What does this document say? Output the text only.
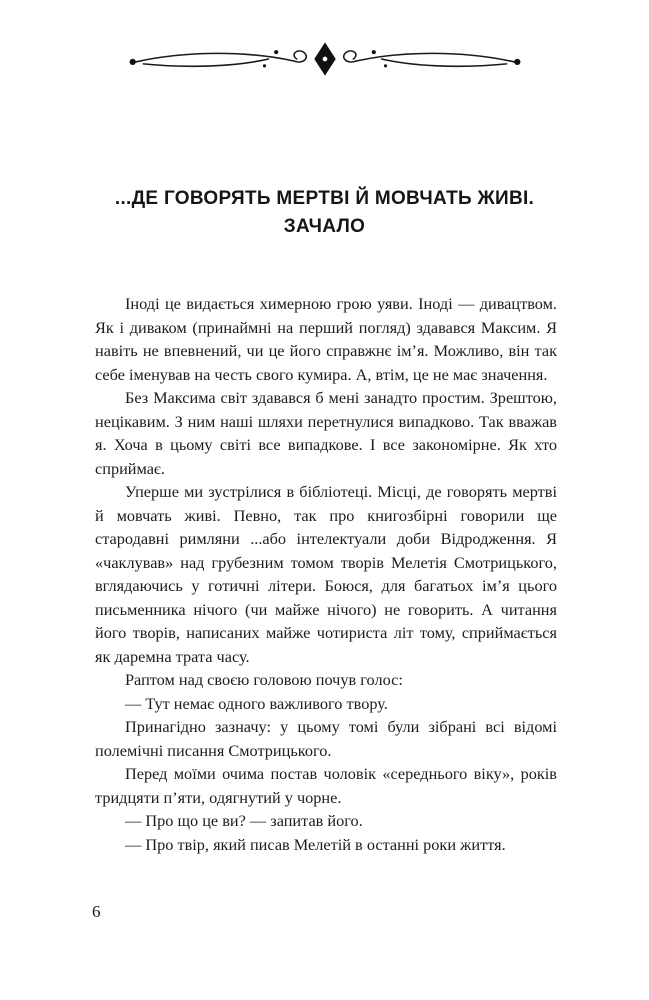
...ДЕ ГОВОРЯТЬ МЕРТВІ Й МОВЧАТЬ ЖИВІ.
ЗАЧАЛО

Іноді це видається химерною грою уяви. Іноді — дивацтвом. Як і диваком (принаймні на перший погляд) здавався Максим. Я навіть не впевнений, чи це його справжнє ім’я. Можливо, він так себе іменував на честь свого кумира. А, втім, це не має значення.

Без Максима світ здавався б мені занадто простим. Зрештою, нецікавим. З ним наші шляхи перетнулися випадково. Так вважав я. Хоча в цьому світі все випадкове. І все закономірне. Як хто сприймає.

Уперше ми зустрілися в бібліотеці. Місці, де говорять мертві й мовчать живі. Певно, так про книгозбірні говорили ще стародавні римляни ...або інтелектуали доби Відродження. Я «чаклував» над грубезним томом творів Мелетія Смотрицького, вглядаючись у готичні літери. Боюся, для багатьох ім’я цього письменника нічого (чи майже нічого) не говорить. А читання його творів, написаних майже чотириста літ тому, сприймається як даремна трата часу.

Раптом над своєю головою почув голос:

— Тут немає одного важливого твору.

Принагідно зазначу: у цьому томі були зібрані всі відомі полемічні писання Смотрицького.

Перед моїми очима постав чоловік «середнього віку», років тридцяти п’яти, одягнутий у чорне.

— Про що це ви? — запитав його.

— Про твір, який писав Мелетій в останні роки життя.

6
